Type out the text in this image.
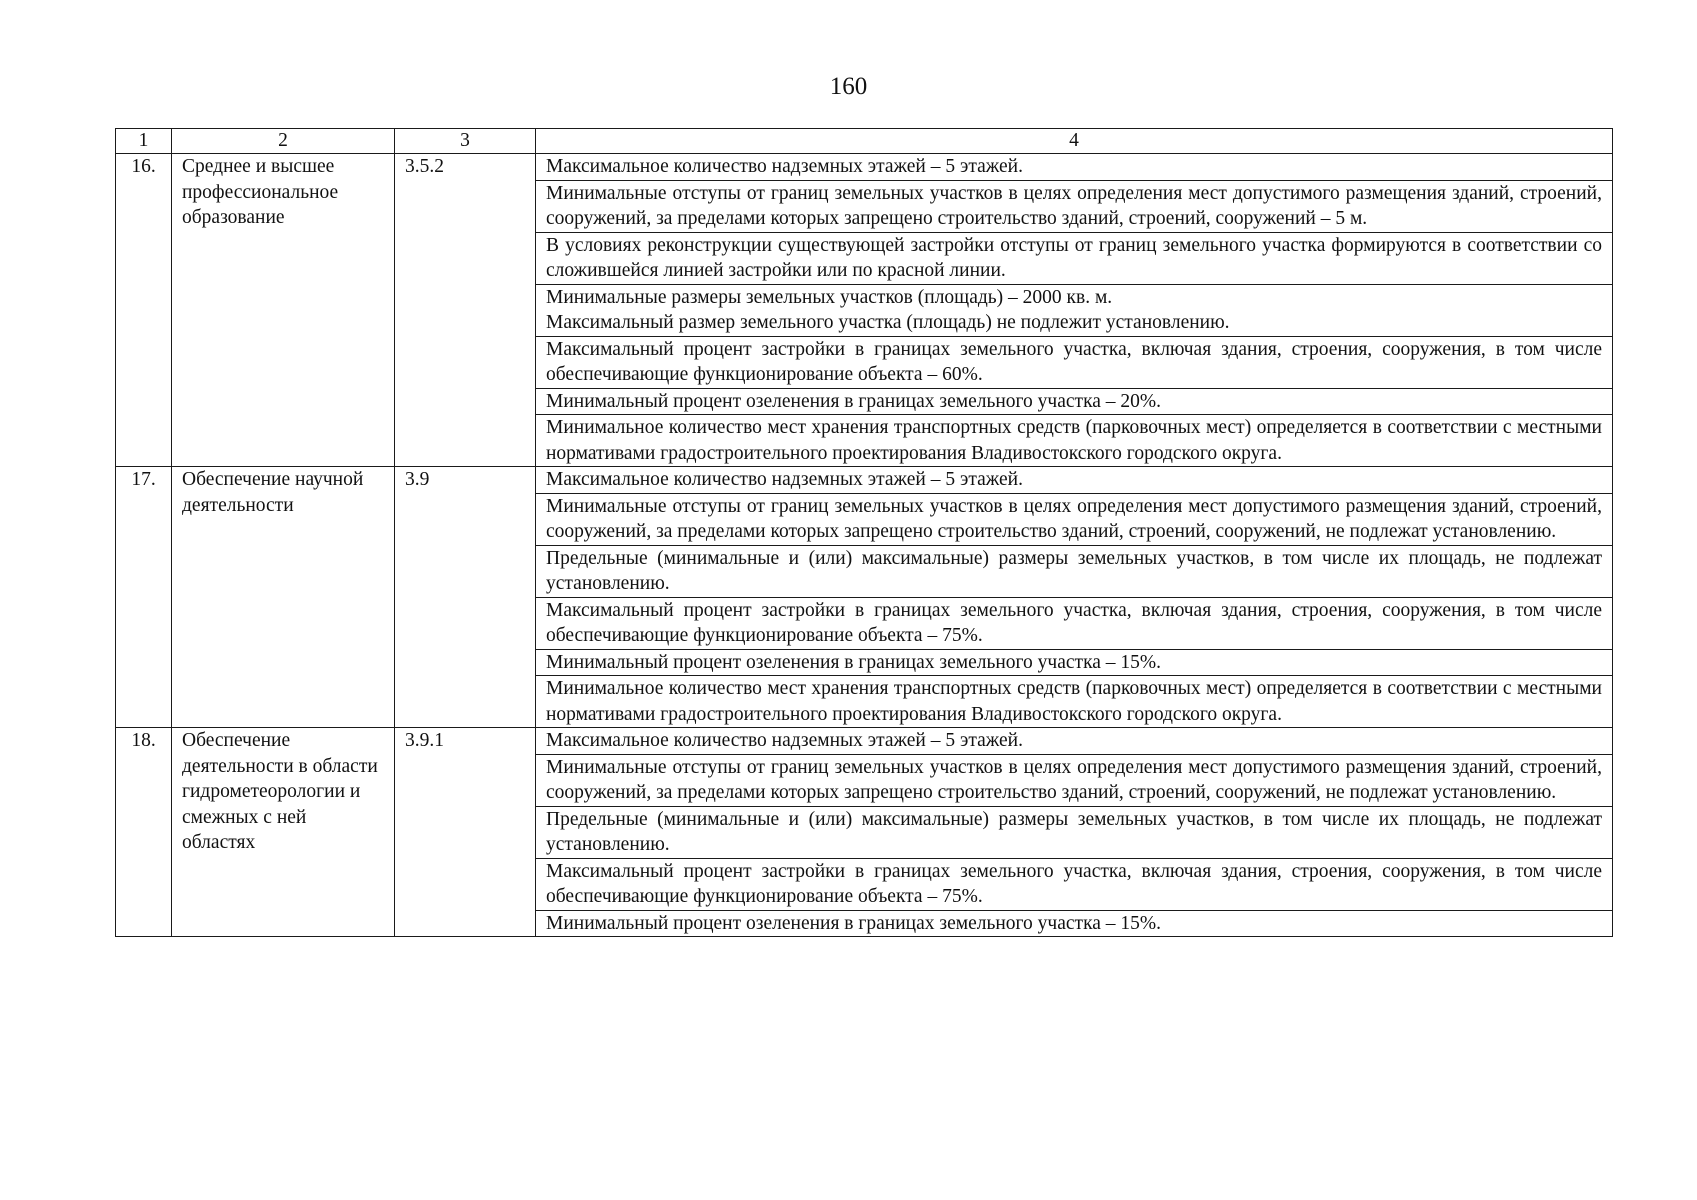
160
1	2	3	4
16.	Среднее и высшее профессиональное образование	3.5.2	Максимальное количество надземных этажей – 5 этажей.
			Минимальные отступы от границ земельных участков в целях определения мест допустимого размещения зданий, строений, сооружений, за пределами которых запрещено строительство зданий, строений, сооружений – 5 м.
			В условиях реконструкции существующей застройки отступы от границ земельного участка формируются в соответствии со сложившейся линией застройки или по красной линии.

			Минимальные размеры земельных участков (площадь) – 2000 кв. м.
Максимальный размер земельного участка (площадь) не подлежит установлению.

			Максимальный процент застройки в границах земельного участка, включая здания, строения, сооружения, в том числе обеспечивающие функционирование объекта – 60%.
			Минимальный процент озеленения в границах земельного участка – 20%.
			Минимальное количество мест хранения транспортных средств (парковочных мест) определяется в соответствии с местными нормативами градостроительного проектирования Владивостокского городского округа.
17.	Обеспечение научной деятельности	3.9	Максимальное количество надземных этажей – 5 этажей.
			Минимальные отступы от границ земельных участков в целях определения мест допустимого размещения зданий, строений, сооружений, за пределами которых запрещено строительство зданий, строений, сооружений, не подлежат установлению.
			Предельные (минимальные и (или) максимальные) размеры земельных участков, в том числе их площадь, не подлежат установлению.
			Максимальный процент застройки в границах земельного участка, включая здания, строения, сооружения, в том числе обеспечивающие функционирование объекта – 75%.
			Минимальный процент озеленения в границах земельного участка – 15%.
			Минимальное количество мест хранения транспортных средств (парковочных мест) определяется в соответствии с местными нормативами градостроительного проектирования Владивостокского городского округа.
18.	Обеспечение деятельности в области гидрометеорологии и смежных с ней областях	3.9.1	Максимальное количество надземных этажей – 5 этажей.
			Минимальные отступы от границ земельных участков в целях определения мест допустимого размещения зданий, строений, сооружений, за пределами которых запрещено строительство зданий, строений, сооружений, не подлежат установлению.
			Предельные (минимальные и (или) максимальные) размеры земельных участков, в том числе их площадь, не подлежат установлению.
			Максимальный процент застройки в границах земельного участка, включая здания, строения, сооружения, в том числе обеспечивающие функционирование объекта – 75%.
			Минимальный процент озеленения в границах земельного участка – 15%.
